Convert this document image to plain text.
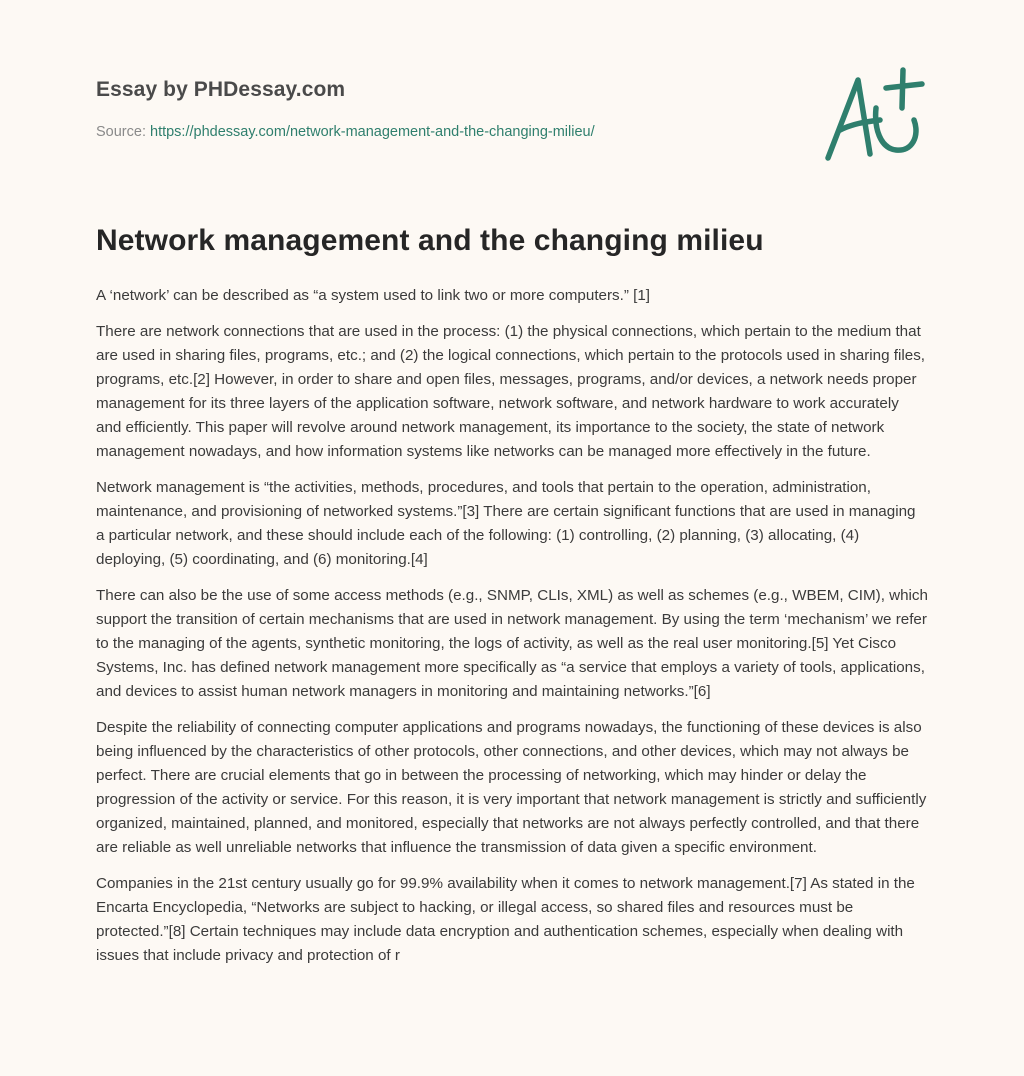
Essay by PHDessay.com
Source: https://phdessay.com/network-management-and-the-changing-milieu/
Network management and the changing milieu

A ‘network’ can be described as “a system used to link two or more computers.” [1]

There are network connections that are used in the process: (1) the physical connections, which pertain to the medium that are used in sharing files, programs, etc.; and (2) the logical connections, which pertain to the protocols used in sharing files, programs, etc.[2] However, in order to share and open files, messages, programs, and/or devices, a network needs proper management for its three layers of the application software, network software, and network hardware to work accurately and efficiently. This paper will revolve around network management, its importance to the society, the state of network management nowadays, and how information systems like networks can be managed more effectively in the future.

Network management is “the activities, methods, procedures, and tools that pertain to the operation, administration, maintenance, and provisioning of networked systems.”[3] There are certain significant functions that are used in managing a particular network, and these should include each of the following: (1) controlling, (2) planning, (3) allocating, (4) deploying, (5) coordinating, and (6) monitoring.[4]

There can also be the use of some access methods (e.g., SNMP, CLIs, XML) as well as schemes (e.g., WBEM, CIM), which support the transition of certain mechanisms that are used in network management. By using the term ‘mechanism’ we refer to the managing of the agents, synthetic monitoring, the logs of activity, as well as the real user monitoring.[5] Yet Cisco Systems, Inc. has defined network management more specifically as “a service that employs a variety of tools, applications, and devices to assist human network managers in monitoring and maintaining networks.”[6]

Despite the reliability of connecting computer applications and programs nowadays, the functioning of these devices is also being influenced by the characteristics of other protocols, other connections, and other devices, which may not always be perfect. There are crucial elements that go in between the processing of networking, which may hinder or delay the progression of the activity or service. For this reason, it is very important that network management is strictly and sufficiently organized, maintained, planned, and monitored, especially that networks are not always perfectly controlled, and that there are reliable as well unreliable networks that influence the transmission of data given a specific environment.

Companies in the 21st century usually go for 99.9% availability when it comes to network management.[7] As stated in the Encarta Encyclopedia, “Networks are subject to hacking, or illegal access, so shared files and resources must be protected.”[8] Certain techniques may include data encryption and authentication schemes, especially when dealing with issues that include privacy and protection of r
